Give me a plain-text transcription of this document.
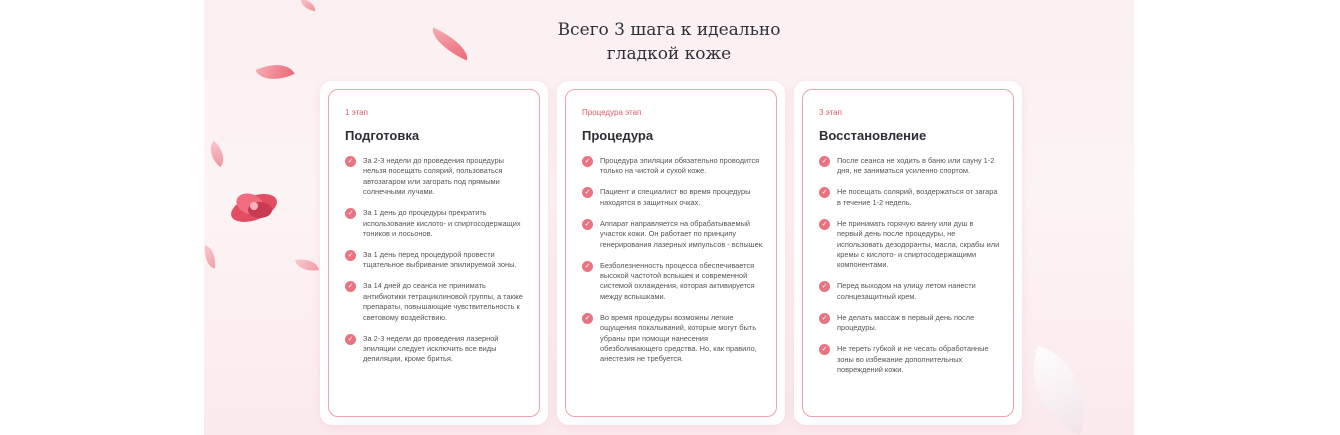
Всего 3 шага к идеально
гладкой коже
1 этап
Подготовка
✓	За 2-3 недели до проведения процедуры нельзя посещать солярий, пользоваться автозагаром или загорать под прямыми солнечными лучами.
✓	За 1 день до процедуры прекратить использование кислото- и спиртосодержащих тоников и лосьонов.
✓	За 1 день перед процедурой провести тщательное выбривание эпилируемой зоны.
✓	За 14 дней до сеанса не принимать антибиотики тетрациклиновой группы, а также препараты, повышающие чувствительность к световому воздействию.
✓	За 2-3 недели до проведения лазерной эпиляции следует исключить все виды депиляции, кроме бритья.
Процедура этап
Процедура
✓	Процедура эпиляции обязательно проводится только на чистой и сухой коже.
✓	Пациент и специалист во время процедуры находятся в защитных очках.
✓	Аппарат направляется на обрабатываемый участок кожи. Он работает по принципу генерирования лазерных импульсов - вспышек.
✓	Безболезненность процесса обеспечивается высокой частотой вспышек и современной системой охлаждения, которая активируется между вспышками.
✓	Во время процедуры возможны легкие ощущения покалываний, которые могут быть убраны при помощи нанесения обезболивающего средства. Но, как правило, анестезия не требуется.
3 этап
Восстановление
✓	После сеанса не ходить в баню или сауну 1-2 дня, не заниматься усиленно спортом.
✓	Не посещать солярий, воздержаться от загара в течение 1-2 недель.
✓	Не принимать горячую ванну или душ в первый день после процедуры, не использовать дезодоранты, масла, скрабы или кремы с кислото- и спиртосодержащими компонентами.
✓	Перед выходом на улицу летом нанести солнцезащитный крем.
✓	Не делать массаж в первый день после процедуры.
✓	Не тереть губкой и не чесать обработанные зоны во избежание дополнительных повреждений кожи.
